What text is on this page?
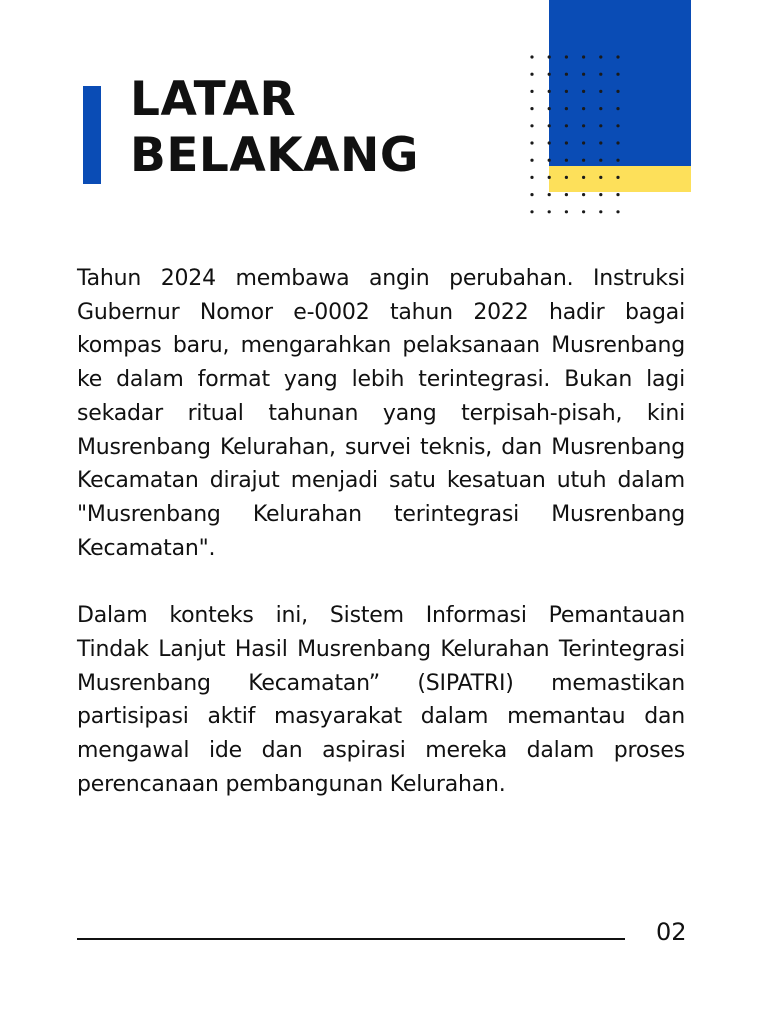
LATAR
BELAKANG

Tahun 2024 membawa angin perubahan. Instruksi Gubernur Nomor e-0002 tahun 2022 hadir bagai kompas baru, mengarahkan pelaksanaan Musrenbang ke dalam format yang lebih terintegrasi. Bukan lagi sekadar ritual tahunan yang terpisah-pisah, kini Musrenbang Kelurahan, survei teknis, dan Musrenbang Kecamatan dirajut menjadi satu kesatuan utuh dalam "Musrenbang Kelurahan terintegrasi Musrenbang Kecamatan".

Dalam konteks ini, Sistem Informasi Pemantauan Tindak Lanjut Hasil Musrenbang Kelurahan Terintegrasi Musrenbang Kecamatan” (SIPATRI) memastikan partisipasi aktif masyarakat dalam memantau dan mengawal ide dan aspirasi mereka dalam proses perencanaan pembangunan Kelurahan.

02
